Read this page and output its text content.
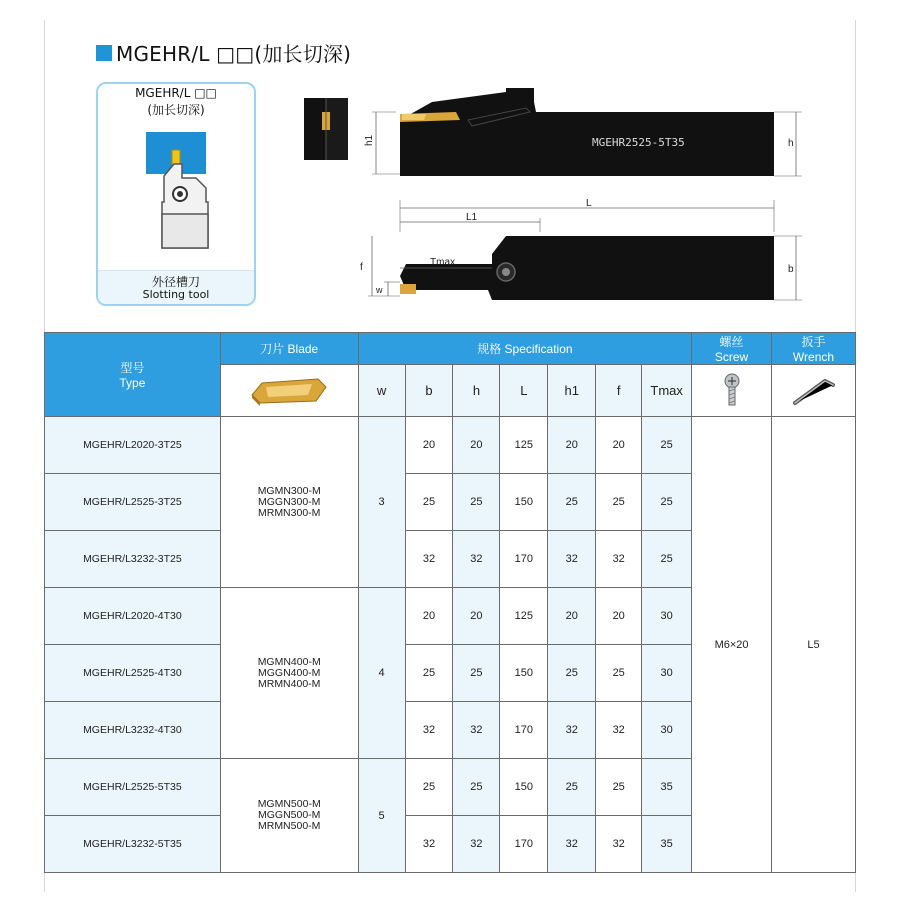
MGEHR/L □□(加长切深)
MGEHR/L □□
(加长切深)
外径槽刀
Slotting tool
h1	MGEHR2525-5T35	h
L
L1
Tmax
f
w
b
型号
Type	刀片 Blade	规格 Specification							螺丝
Screw	扳手
Wrench

	w	b	h	L	h1	f	Tmax	

MGEHR/L2020-3T25	MGMN300-M
MGGN300-M
MRMN300-M	3	20	20	125	20	20	25	M6×20	L5
MGEHR/L2525-3T25			25	25	150	25	25	25		
MGEHR/L3232-3T25			32	32	170	32	32	25		
MGEHR/L2020-4T30	MGMN400-M
MGGN400-M
MRMN400-M	4	20	20	125	20	20	30		
MGEHR/L2525-4T30			25	25	150	25	25	30		
MGEHR/L3232-4T30			32	32	170	32	32	30		
MGEHR/L2525-5T35	MGMN500-M
MGGN500-M
MRMN500-M	5	25	25	150	25	25	35		
MGEHR/L3232-5T35			32	32	170	32	32	35		
